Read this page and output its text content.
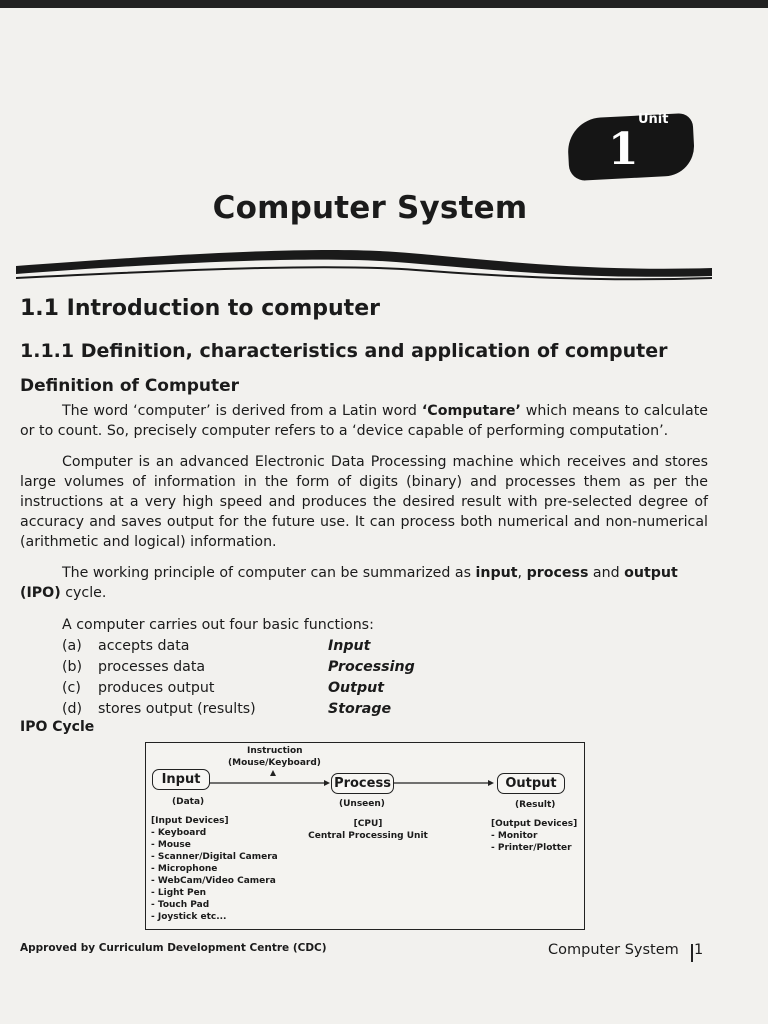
Unit
1
Computer System
1.1 Introduction to computer
1.1.1 Definition, characteristics and application of computer
Definition of Computer

The word ‘computer’ is derived from a Latin word ‘Computare’ which means to calculate or to count. So, precisely computer refers to a ‘device capable of performing computation’.

Computer is an advanced Electronic Data Processing machine which receives and stores large volumes of information in the form of digits (binary) and processes them as per the instructions at a very high speed and produces the desired result with pre-selected degree of accuracy and saves output for the future use. It can process both numerical and non-numerical (arithmetic and logical) information.

The working principle of computer can be summarized as input, process and output
(IPO) cycle.

A computer carries out four basic functions:

(a)	accepts data	Input
(b)	processes data	Processing
(c)	produces output	Output
(d)	stores output (results)	Storage
IPO Cycle
Instruction
(Mouse/Keyboard)
Input	Process	Output
(Data)	(Unseen)	(Result)
[Input Devices]
- Keyboard
- Mouse
- Scanner/Digital Camera
- Microphone
- WebCam/Video Camera
- Light Pen
- Touch Pad
- Joystick etc...
[CPU]
Central Processing Unit
[Output Devices]
- Monitor
- Printer/Plotter
Approved by Curriculum Development Centre (CDC)	Computer System 1
